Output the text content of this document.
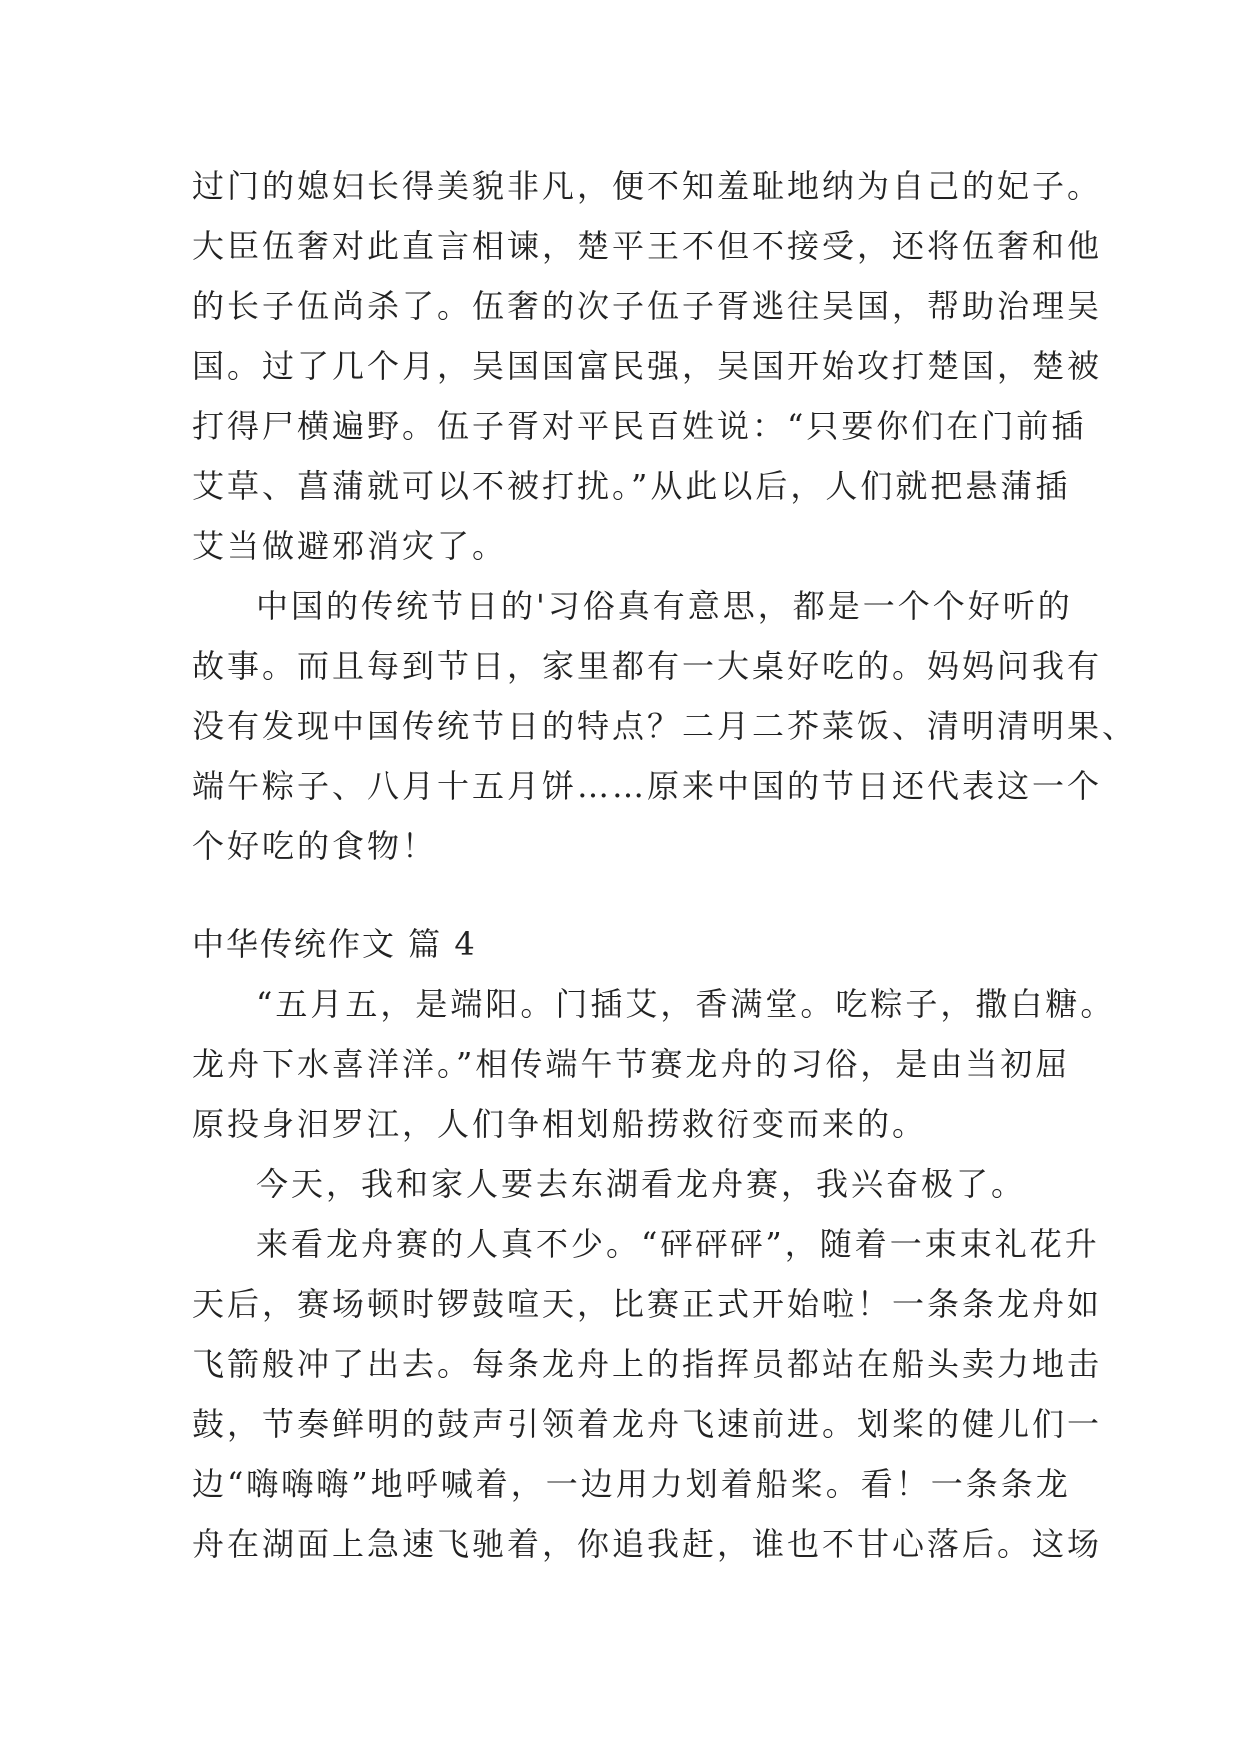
过门的媳妇长得美貌非凡，便不知羞耻地纳为自己的妃子。
大臣伍奢对此直言相谏，楚平王不但不接受，还将伍奢和他
的长子伍尚杀了。伍奢的次子伍子胥逃往吴国，帮助治理吴
国。过了几个月，吴国国富民强，吴国开始攻打楚国，楚被
打得尸横遍野。伍子胥对平民百姓说：“只要你们在门前插
艾草、菖蒲就可以不被打扰。”从此以后，人们就把悬蒲插
艾当做避邪消灾了。
中国的传统节日的'习俗真有意思，都是一个个好听的
故事。而且每到节日，家里都有一大桌好吃的。妈妈问我有
没有发现中国传统节日的特点？二月二芥菜饭、清明清明果、
端午粽子、八月十五月饼……原来中国的节日还代表这一个
个好吃的食物！
中华传统作文 篇 4
“五月五，是端阳。门插艾，香满堂。吃粽子，撒白糖。
龙舟下水喜洋洋。”相传端午节赛龙舟的习俗，是由当初屈
原投身汨罗江，人们争相划船捞救衍变而来的。
今天，我和家人要去东湖看龙舟赛，我兴奋极了。
来看龙舟赛的人真不少。“砰砰砰”，随着一束束礼花升
天后，赛场顿时锣鼓喧天，比赛正式开始啦！一条条龙舟如
飞箭般冲了出去。每条龙舟上的指挥员都站在船头卖力地击
鼓，节奏鲜明的鼓声引领着龙舟飞速前进。划桨的健儿们一
边“嗨嗨嗨”地呼喊着，一边用力划着船桨。看！一条条龙
舟在湖面上急速飞驰着，你追我赶，谁也不甘心落后。这场
